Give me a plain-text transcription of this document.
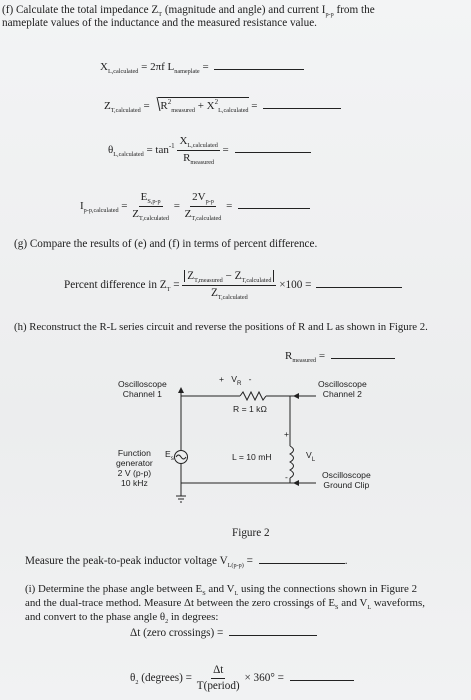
(f) Calculate the total impedance $Z_T$ (magnitude and angle) and current $I_{p-p}$ from the
nameplate values of the inductance and the measured resistance value.
$X_{L,calculated} = 2\pi f$ $L_{nameplate}$ =
$Z_{T,calculated} = R^2_{measured} + X^2_{L,calculated}$ =
$\theta_{L,calculated} = \tan^{-1} \frac{X_{L,calculated}}{R_{measured}}$ =
$I_{p-p,calculated} = \frac{E_{S,p-p}}{Z_{T,calculated}} = \frac{2V_{p-p}}{Z_{T,calculated}}$ =
(g) Compare the results of (e) and (f) in terms of percent difference.
Percent difference in $Z_T = \frac{Z_{T,measured} - Z_{T,calculated}}{Z_{T,calculated}} \times 100$ =
(h) Reconstruct the R-L series circuit and reverse the positions of R and L as shown in Figure 2.
$R_{measured}$ =
Oscilloscope
Channel 1
Oscilloscope
Channel 2
+ $V_R$ -
R = 1 kΩ
Function
generator
2 V (p-p)
10 kHz
$E_s$	L = 10 mH
+
$V_L$
-	Oscilloscope
Ground Clip
Figure 2
Measure the peak-to-peak inductor voltage $V_{L(p-p)}$ =	.
(i) Determine the phase angle between $E_S$ and $V_L$ using the connections shown in Figure 2
and the dual-trace method. Measure Δt between the zero crossings of $E_S$ and $V_L$ waveforms,
and convert to the phase angle $\theta_2$ in degrees:
Δt (zero crossings) =
$\theta_2$ (degrees) = $\frac{\Delta t}{\text{T(period)}} \times 360^\circ$ =
